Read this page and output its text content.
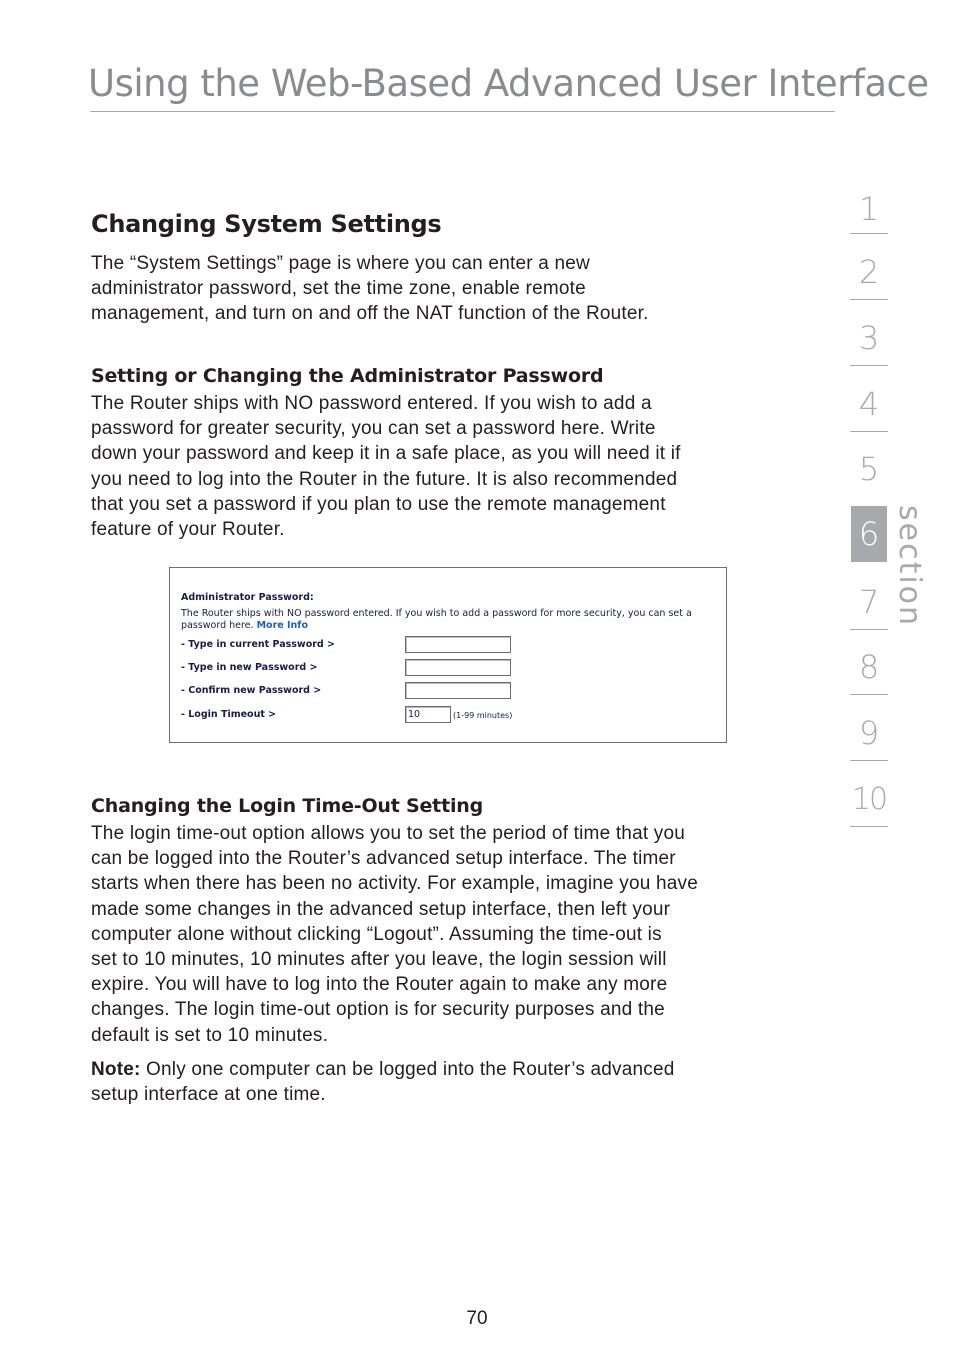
Using the Web-Based Advanced User Interface
Changing System Settings

The “System Settings” page is where you can enter a new
administrator password, set the time zone, enable remote
management, and turn on and off the NAT function of the Router.

Setting or Changing the Administrator Password

The Router ships with NO password entered. If you wish to add a
password for greater security, you can set a password here. Write
down your password and keep it in a safe place, as you will need it if
you need to log into the Router in the future. It is also recommended
that you set a password if you plan to use the remote management
feature of your Router.

Administrator Password:
The Router ships with NO password entered. If you wish to add a password for more security, you can set a
password here. More Info
- Type in current Password >
- Type in new Password >
- Confirm new Password >
- Login Timeout >	10	(1-99 minutes)
Changing the Login Time-Out Setting

The login time-out option allows you to set the period of time that you
can be logged into the Router’s advanced setup interface. The timer
starts when there has been no activity. For example, imagine you have
made some changes in the advanced setup interface, then left your
computer alone without clicking “Logout”. Assuming the time-out is
set to 10 minutes, 10 minutes after you leave, the login session will
expire. You will have to log into the Router again to make any more
changes. The login time-out option is for security purposes and the
default is set to 10 minutes.

Note: Only one computer can be logged into the Router’s advanced
setup interface at one time.

1
2
3
4
5
6
7
8
9
10
section
70
